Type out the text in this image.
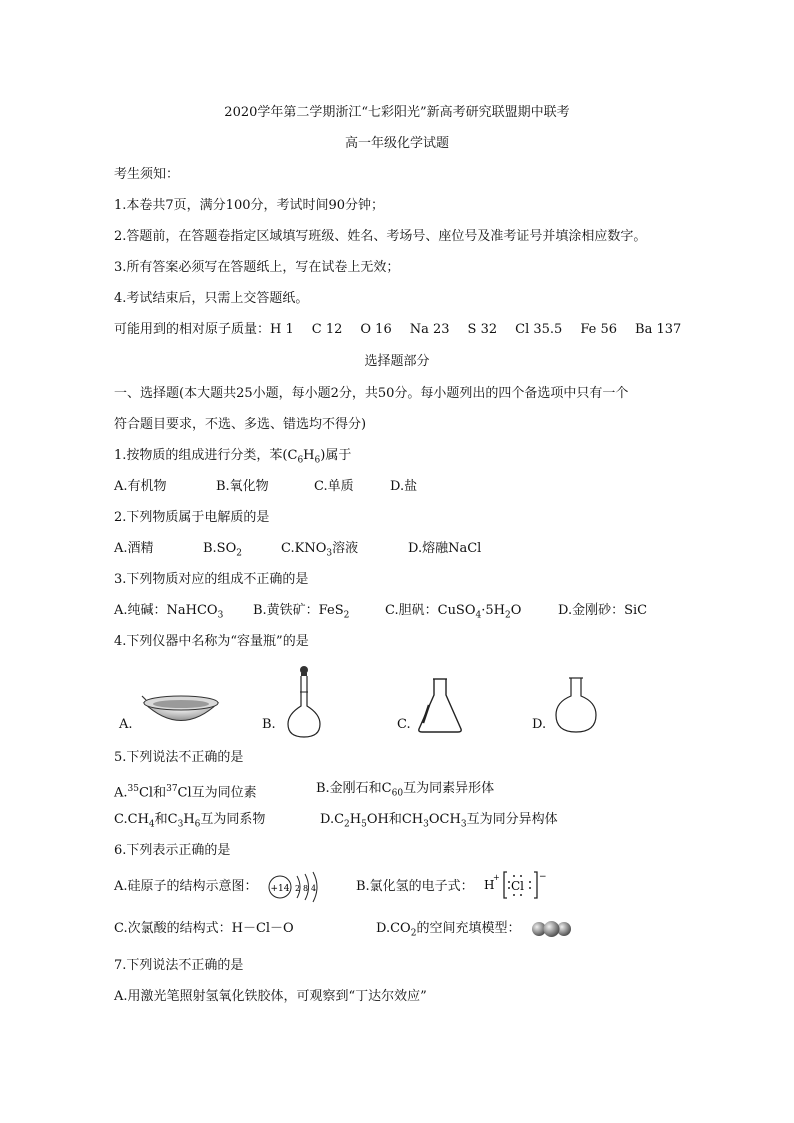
2020学年第二学期浙江“七彩阳光”新高考研究联盟期中联考
高一年级化学试题
考生须知：
1.本卷共7页，满分100分，考试时间90分钟；
2.答题前，在答题卷指定区域填写班级、姓名、考场号、座位号及准考证号并填涂相应数字。
3.所有答案必须写在答题纸上，写在试卷上无效；
4.考试结束后，只需上交答题纸。
可能用到的相对原子质量：H 1 C 12 O 16 Na 23 S 32 Cl 35.5 Fe 56 Ba 137
选择题部分
一、选择题(本大题共25小题，每小题2分，共50分。每小题列出的四个备选项中只有一个
符合题目要求，不选、多选、错选均不得分)
1.按物质的组成进行分类，苯$(C_6H_6)$属于
A.有机物	B.氧化物	C.单质	D.盐
2.下列物质属于电解质的是
A.酒精	$B.SO_2$	$C.KNO_3$溶液	D.熔融NaCl
3.下列物质对应的组成不正确的是
A.纯碱：NaHCO$_3$ B.黄铁矿：FeS$_2$	C.胆矾：$CuSO_4\cdot 5H_2O$	D.金刚砂：SiC
4.下列仪器中名称为“容量瓶”的是
A.	B.	C.	D.
5.下列说法不正确的是
A.$^{35}$Cl和$^{37}$Cl互为同位素	B.金刚石和$C_{60}$互为同素异形体
$C.CH_4$和$C_3H_6$互为同系物	$D.C_2H_5OH$和$CH_3OCH_3$互为同分异构体
6.下列表示正确的是
A.硅原子的结构示意图： +14 2 8 4	B.氯化氢的电子式： H
+
Cl
−
C.次氯酸的结构式：H－Cl－O	$D.CO_2$的空间充填模型：
7.下列说法不正确的是
A.用激光笔照射氢氧化铁胶体，可观察到“丁达尔效应”
